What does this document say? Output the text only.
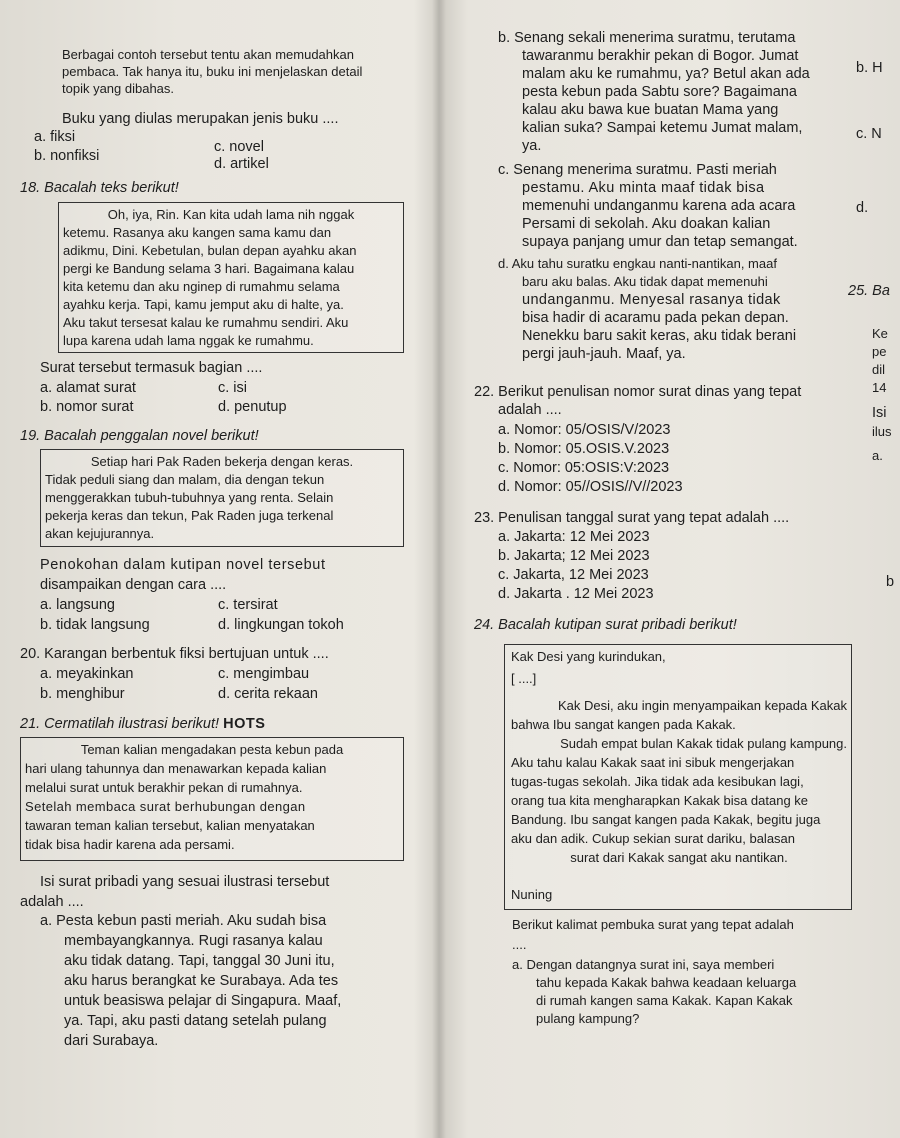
Berbagai contoh tersebut tentu akan memudahkan
pembaca. Tak hanya itu, buku ini menjelaskan detail
topik yang dibahas.
Buku yang diulas merupakan jenis buku ....
a. fiksi
c. novel
b. nonfiksi	d. artikel
18. Bacalah teks berikut!
Oh, iya, Rin. Kan kita udah lama nih nggak
ketemu. Rasanya aku kangen sama kamu dan
adikmu, Dini. Kebetulan, bulan depan ayahku akan
pergi ke Bandung selama 3 hari. Bagaimana kalau
kita ketemu dan aku nginep di rumahmu selama
ayahku kerja. Tapi, kamu jemput aku di halte, ya.
Aku takut tersesat kalau ke rumahmu sendiri. Aku
lupa karena udah lama nggak ke rumahmu.
Surat tersebut termasuk bagian ....
a. alamat surat	c. isi
b. nomor surat	d. penutup
19. Bacalah penggalan novel berikut!
Setiap hari Pak Raden bekerja dengan keras.
Tidak peduli siang dan malam, dia dengan tekun
menggerakkan tubuh-tubuhnya yang renta. Selain
pekerja keras dan tekun, Pak Raden juga terkenal
akan kejujurannya.
Penokohan dalam kutipan novel tersebut
disampaikan dengan cara ....
a. langsung	c. tersirat
b. tidak langsung	d. lingkungan tokoh
20. Karangan berbentuk fiksi bertujuan untuk ....
a. meyakinkan	c. mengimbau
b. menghibur	d. cerita rekaan
21. Cermatilah ilustrasi berikut! HOTS
Teman kalian mengadakan pesta kebun pada
hari ulang tahunnya dan menawarkan kepada kalian
melalui surat untuk berakhir pekan di rumahnya.
Setelah membaca surat berhubungan dengan
tawaran teman kalian tersebut, kalian menyatakan
tidak bisa hadir karena ada persami.
Isi surat pribadi yang sesuai ilustrasi tersebut
adalah ....
a. Pesta kebun pasti meriah. Aku sudah bisa
membayangkannya. Rugi rasanya kalau
aku tidak datang. Tapi, tanggal 30 Juni itu,
aku harus berangkat ke Surabaya. Ada tes
untuk beasiswa pelajar di Singapura. Maaf,
ya. Tapi, aku pasti datang setelah pulang
dari Surabaya.
b. Senang sekali menerima suratmu, terutama
tawaranmu berakhir pekan di Bogor. Jumat
malam aku ke rumahmu, ya? Betul akan ada
pesta kebun pada Sabtu sore? Bagaimana
kalau aku bawa kue buatan Mama yang
kalian suka? Sampai ketemu Jumat malam,
ya.
c. Senang menerima suratmu. Pasti meriah
pestamu. Aku minta maaf tidak bisa
memenuhi undanganmu karena ada acara
Persami di sekolah. Aku doakan kalian
supaya panjang umur dan tetap semangat.
d. Aku tahu suratku engkau nanti-nantikan, maaf
baru aku balas. Aku tidak dapat memenuhi
undanganmu. Menyesal rasanya tidak
bisa hadir di acaramu pada pekan depan.
Nenekku baru sakit keras, aku tidak berani
pergi jauh-jauh. Maaf, ya.
22. Berikut penulisan nomor surat dinas yang tepat
adalah ....
a. Nomor: 05/OSIS/V/2023
b. Nomor: 05.OSIS.V.2023
c. Nomor: 05:OSIS:V:2023
d. Nomor: 05//OSIS//V//2023
23. Penulisan tanggal surat yang tepat adalah ....
a. Jakarta: 12 Mei 2023
b. Jakarta; 12 Mei 2023
c. Jakarta, 12 Mei 2023
d. Jakarta . 12 Mei 2023
24. Bacalah kutipan surat pribadi berikut!
Kak Desi yang kurindukan,
[ ....]
Kak Desi, aku ingin menyampaikan kepada Kakak
bahwa Ibu sangat kangen pada Kakak.
Sudah empat bulan Kakak tidak pulang kampung.
Aku tahu kalau Kakak saat ini sibuk mengerjakan
tugas-tugas sekolah. Jika tidak ada kesibukan lagi,
orang tua kita mengharapkan Kakak bisa datang ke
Bandung. Ibu sangat kangen pada Kakak, begitu juga
aku dan adik. Cukup sekian surat dariku, balasan
surat dari Kakak sangat aku nantikan.
Nuning
Berikut kalimat pembuka surat yang tepat adalah
....
a. Dengan datangnya surat ini, saya memberi
tahu kepada Kakak bahwa keadaan keluarga
di rumah kangen sama Kakak. Kapan Kakak
pulang kampung?
b. H
c. N
d.
25. Ba
Ke
pe
dil
14
Isi
ilus
a.
b
